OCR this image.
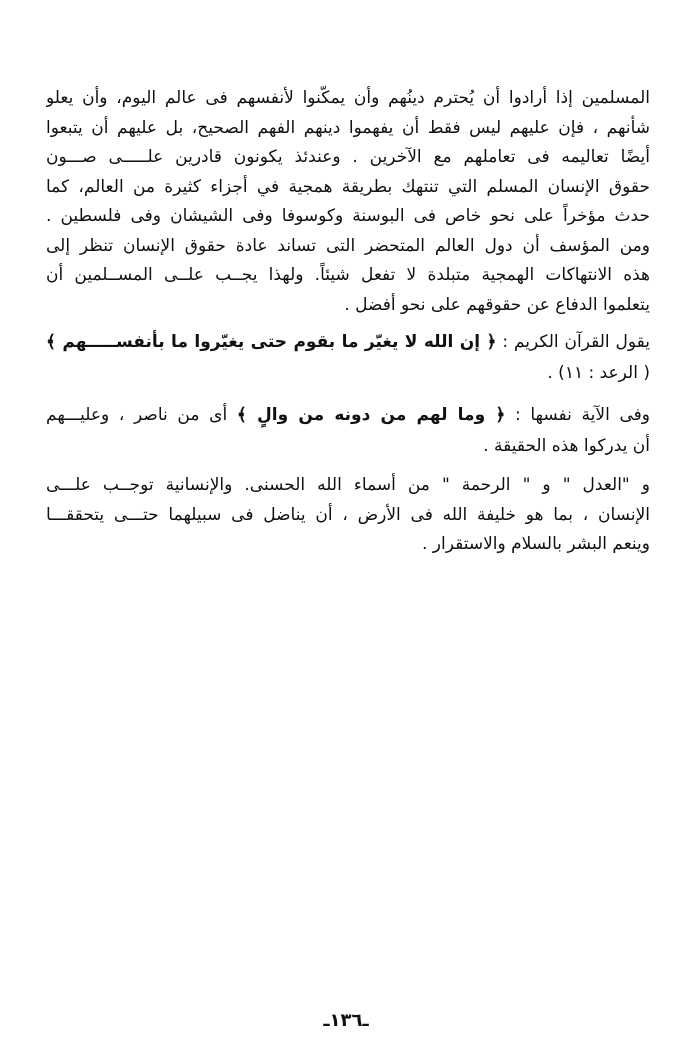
المسلمين إذا أرادوا أن يُحترم دينُهم وأن يمكّنوا لأنفسهم فى عالم اليوم، وأن يعلو
شأنهم ، فإن عليهم ليس فقط أن يفهموا دينهم الفهم الصحيح، بل عليهم أن يتبعوا
أيضًا تعاليمه فى تعاملهم مع الآخرين . وعندئذ يكونون قادرين علـــــى صـــون
حقوق الإنسان المسلم التي تنتهك بطريقة همجية في أجزاء كثيرة من العالم، كما
حدث مؤخراً على نحو خاص فى البوسنة وكوسوفا وفى الشيشان وفى فلسطين .
ومن المؤسف أن دول العالم المتحضر التى تساند عادة حقوق الإنسان تنظر إلى
هذه الانتهاكات الهمجية متبلدة لا تفعل شيئاً. ولهذا يجــب علــى المســلمين أن
يتعلموا الدفاع عن حقوقهم على نحو أفضل .
يقول القرآن الكريم : ﴿ إن الله لا يغيّر ما بقوم حتى يغيّروا ما بأنفســـــهم ﴾
( الرعد : ١١) .
وفى الآية نفسها : ﴿ وما لهم من دونه من والٍ ﴾ أى من ناصر ، وعليـــهم
أن يدركوا هذه الحقيقة .
و "العدل " و " الرحمة " من أسماء الله الحسنى. والإنسانية توجــب علـــى
الإنسان ، بما هو خليفة الله فى الأرض ، أن يناضل فى سبيلهما حتـــى يتحققـــا
وينعم البشر بالسلام والاستقرار .
ـ١٣٦ـ
